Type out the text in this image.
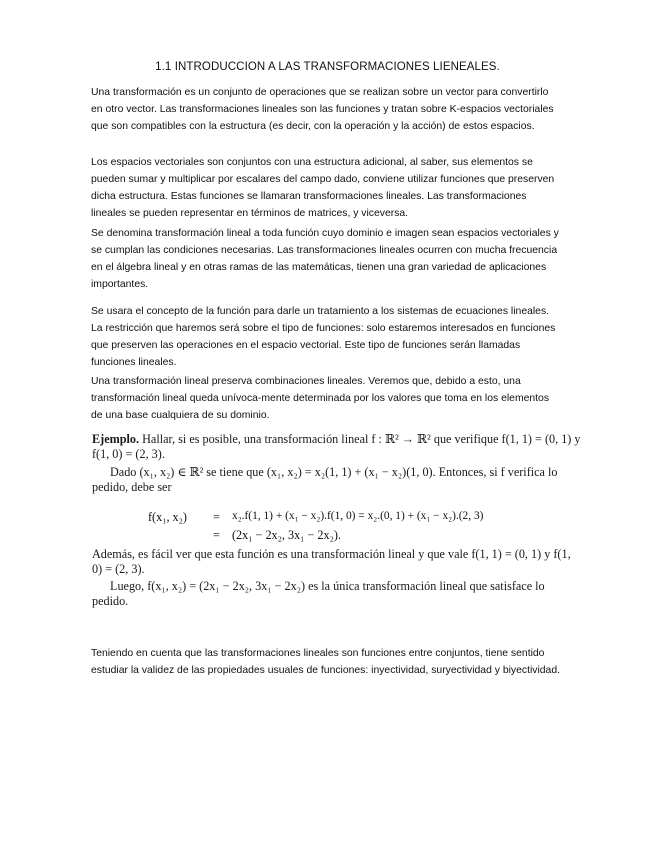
1.1 INTRODUCCION A LAS TRANSFORMACIONES LIENEALES.

Una transformación es un conjunto de operaciones que se realizan sobre un vector para convertirlo en otro vector. Las transformaciones lineales son las funciones y tratan sobre K-espacios vectoriales que son compatibles con la estructura (es decir, con la operación y la acción) de estos espacios.

Los espacios vectoriales son conjuntos con una estructura adicional, al saber, sus elementos se pueden sumar y multiplicar por escalares del campo dado, conviene utilizar funciones que preserven dicha estructura. Estas funciones se llamaran transformaciones lineales. Las transformaciones lineales se pueden representar en términos de matrices, y viceversa.

Se denomina transformación lineal a toda función cuyo dominio e imagen sean espacios vectoriales y se cumplan las condiciones necesarias. Las transformaciones lineales ocurren con mucha frecuencia en el álgebra lineal y en otras ramas de las matemáticas, tienen una gran variedad de aplicaciones importantes.

Se usara el concepto de la función para darle un tratamiento a los sistemas de ecuaciones lineales. La restricción que haremos será sobre el tipo de funciones: solo estaremos interesados en funciones que preserven las operaciones en el espacio vectorial. Este tipo de funciones serán llamadas funciones lineales.

Una transformación lineal preserva combinaciones lineales. Veremos que, debido a esto, una transformación lineal queda unívoca-mente determinada por los valores que toma en los elementos de una base cualquiera de su dominio.

Ejemplo. Hallar, si es posible, una transformación lineal f : ℝ² → ℝ² que verifique f(1, 1) = (0, 1) y f(1, 0) = (2, 3).

Dado (x₁, x₂) ∈ ℝ² se tiene que (x₁, x₂) = x₂(1, 1) + (x₁ − x₂)(1, 0). Entonces, si f verifica lo pedido, debe ser

f(x₁, x₂) = x₂.f(1, 1) + (x₁ − x₂).f(1, 0) = x₂.(0, 1) + (x₁ − x₂).(2, 3)
= (2x₁ − 2x₂, 3x₁ − 2x₂).

Además, es fácil ver que esta función es una transformación lineal y que vale f(1, 1) = (0, 1) y f(1, 0) = (2, 3).

Luego, f(x₁, x₂) = (2x₁ − 2x₂, 3x₁ − 2x₂) es la única transformación lineal que satisface lo pedido.

Teniendo en cuenta que las transformaciones lineales son funciones entre conjuntos, tiene sentido estudiar la validez de las propiedades usuales de funciones: inyectividad, suryectividad y biyectividad.
